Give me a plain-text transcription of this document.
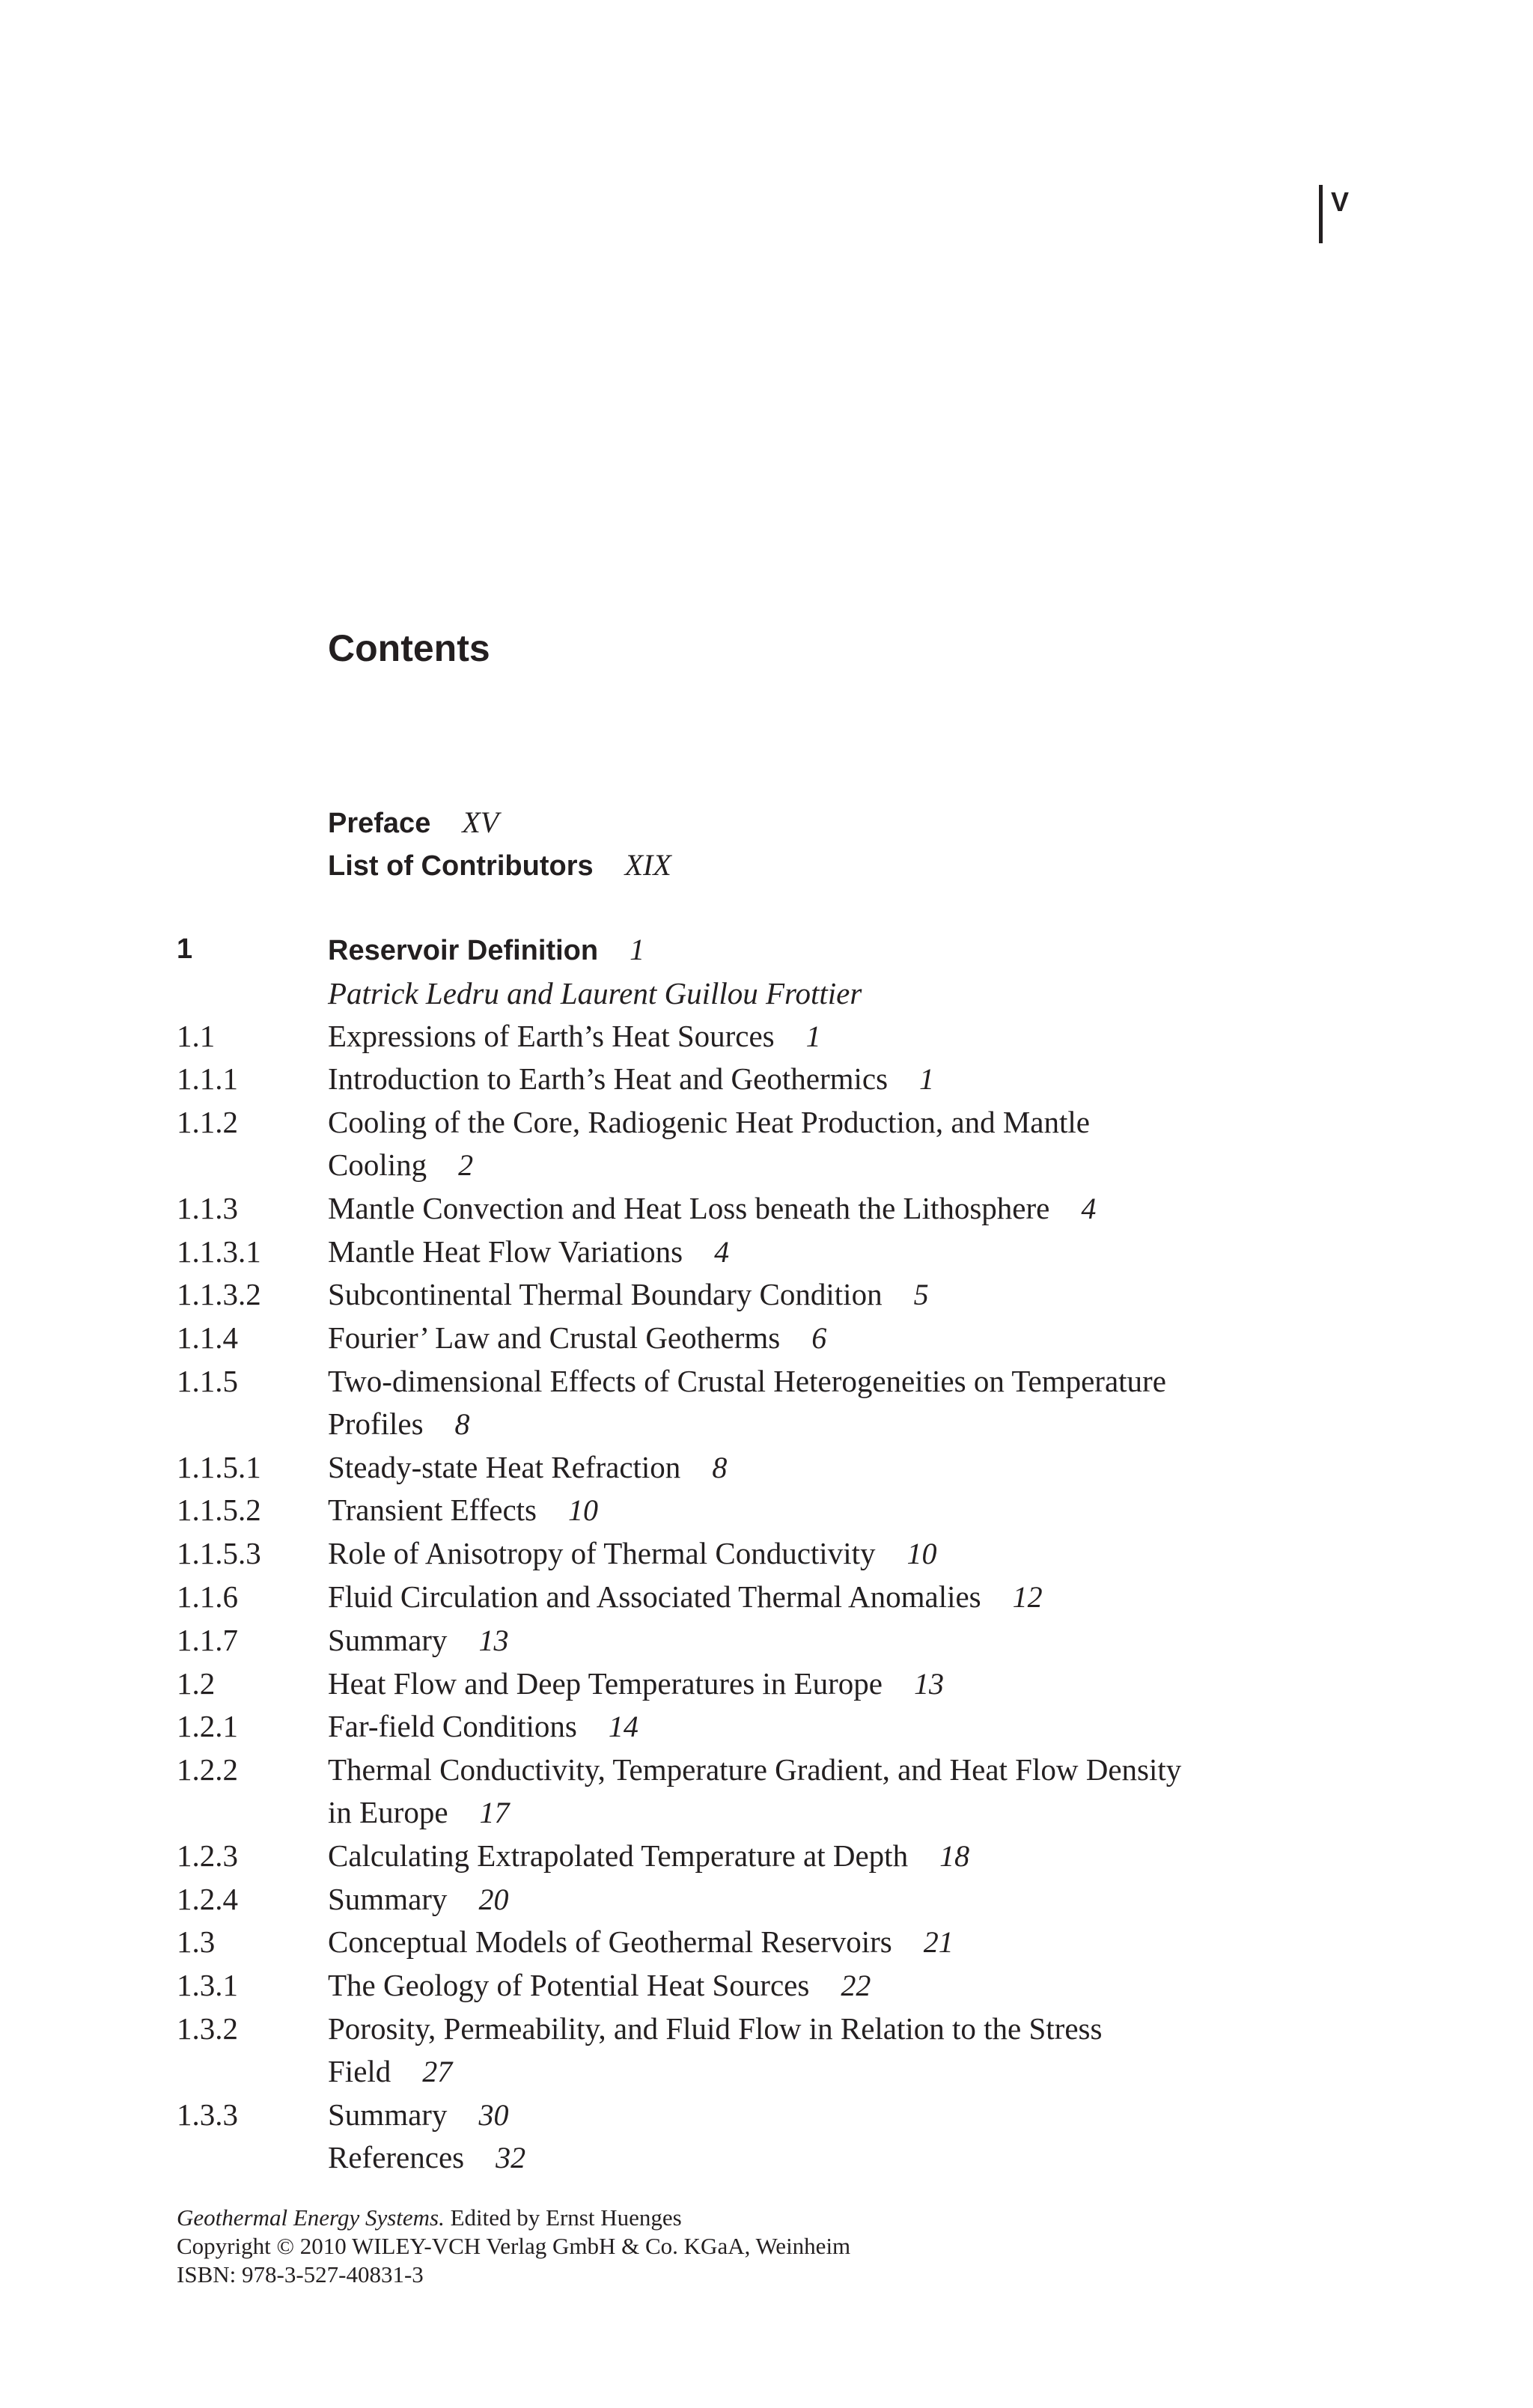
V
Contents
Preface XV
List of Contributors XIX
1	Reservoir Definition 1
Patrick Ledru and Laurent Guillou Frottier
1.1	Expressions of Earth’s Heat Sources 1
1.1.1	Introduction to Earth’s Heat and Geothermics 1
1.1.2	Cooling of the Core, Radiogenic Heat Production, and Mantle
Cooling 2
1.1.3	Mantle Convection and Heat Loss beneath the Lithosphere 4
1.1.3.1	Mantle Heat Flow Variations 4
1.1.3.2	Subcontinental Thermal Boundary Condition 5
1.1.4	Fourier’ Law and Crustal Geotherms 6
1.1.5	Two-dimensional Effects of Crustal Heterogeneities on Temperature
Profiles 8
1.1.5.1	Steady-state Heat Refraction 8
1.1.5.2	Transient Effects 10
1.1.5.3	Role of Anisotropy of Thermal Conductivity 10
1.1.6	Fluid Circulation and Associated Thermal Anomalies 12
1.1.7	Summary 13
1.2	Heat Flow and Deep Temperatures in Europe 13
1.2.1	Far-field Conditions 14
1.2.2	Thermal Conductivity, Temperature Gradient, and Heat Flow Density
in Europe 17
1.2.3	Calculating Extrapolated Temperature at Depth 18
1.2.4	Summary 20
1.3	Conceptual Models of Geothermal Reservoirs 21
1.3.1	The Geology of Potential Heat Sources 22
1.3.2	Porosity, Permeability, and Fluid Flow in Relation to the Stress
Field 27
1.3.3	Summary 30
References 32
Geothermal Energy Systems. Edited by Ernst Huenges
Copyright © 2010 WILEY-VCH Verlag GmbH & Co. KGaA, Weinheim
ISBN: 978-3-527-40831-3
